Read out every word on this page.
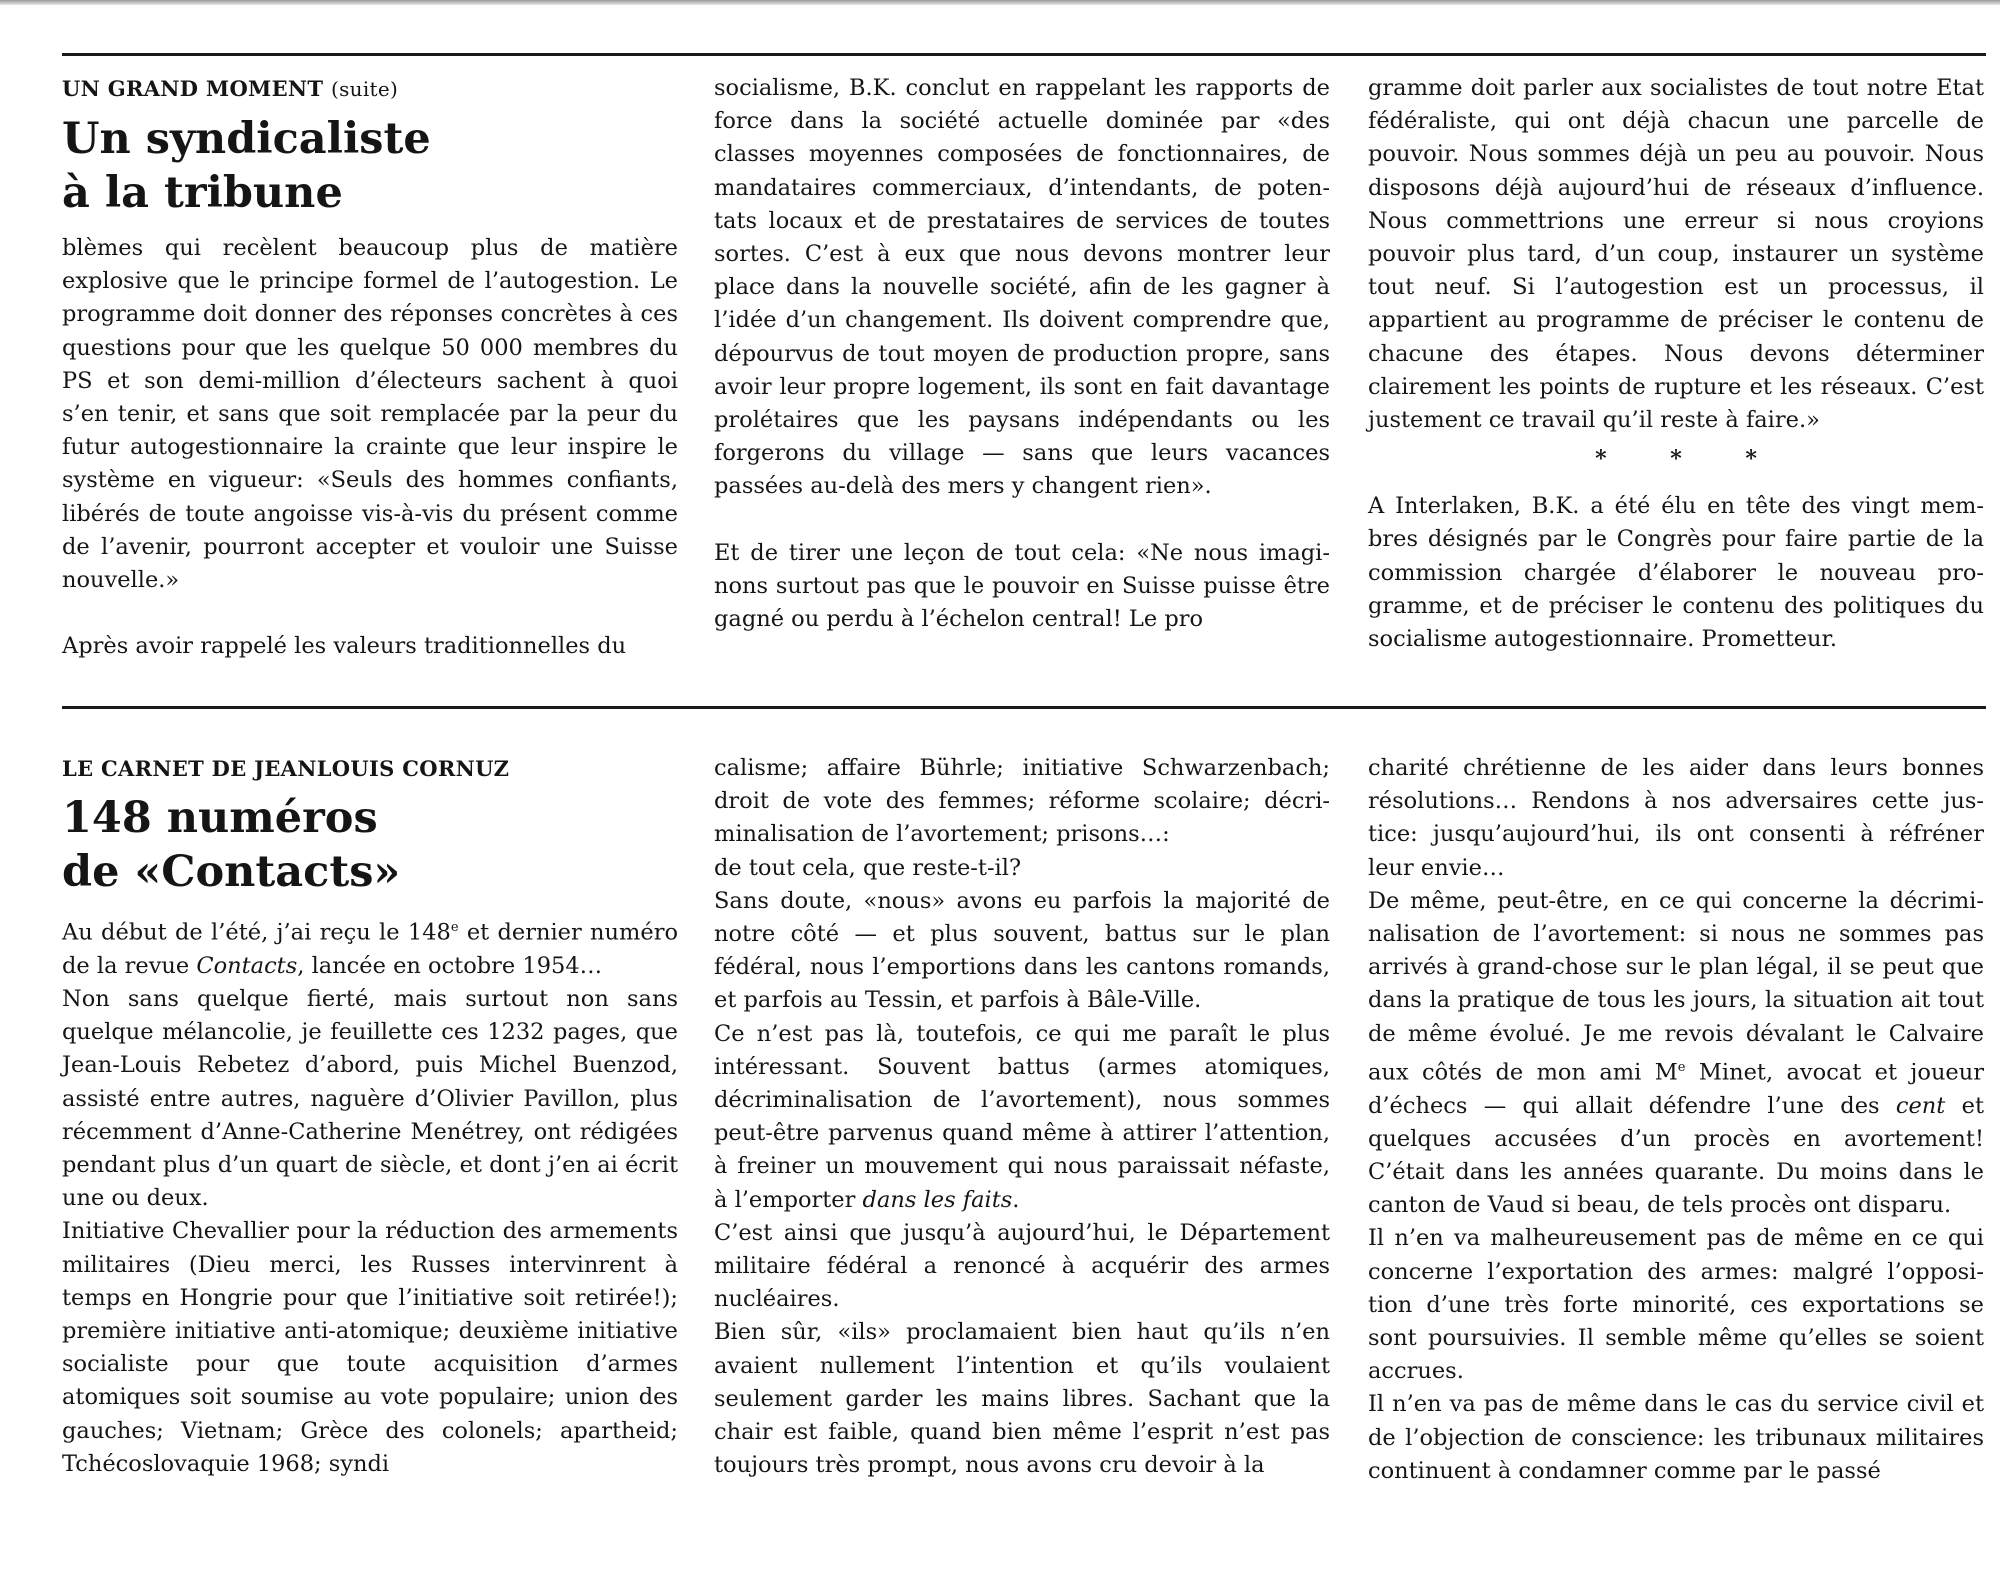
UN GRAND MOMENT (suite)
Un syndicaliste
à la tribune

blèmes qui recèlent beaucoup plus de matière explosive que le principe formel de l’autogestion. Le programme doit donner des réponses concrètes à ces questions pour que les quelque 50 000 membres du PS et son demi-million d’électeurs sachent à quoi s’en tenir, et sans que soit remplacée par la peur du futur autogestionnaire la crainte que leur inspire le système en vigueur: «Seuls des hommes confiants, libérés de toute angoisse vis-à-vis du présent comme de l’avenir, pourront accepter et vouloir une Suisse nouvelle.»

Après avoir rappelé les valeurs traditionnelles du

socialisme, B.K. conclut en rappelant les rapports de force dans la société actuelle dominée par «des classes moyennes composées de fonctionnaires, de mandataires commerciaux, d’intendants, de potentats locaux et de prestataires de services de toutes sortes. C’est à eux que nous devons montrer leur place dans la nouvelle société, afin de les gagner à l’idée d’un changement. Ils doivent comprendre que, dépourvus de tout moyen de production propre, sans avoir leur propre logement, ils sont en fait davantage prolétaires que les paysans indépendants ou les forgerons du village — sans que leurs vacances passées au-delà des mers y changent rien».

Et de tirer une leçon de tout cela: «Ne nous imaginons surtout pas que le pouvoir en Suisse puisse être gagné ou perdu à l’échelon central! Le pro

gramme doit parler aux socialistes de tout notre Etat fédéraliste, qui ont déjà chacun une parcelle de pouvoir. Nous sommes déjà un peu au pouvoir. Nous disposons déjà aujourd’hui de réseaux d’influence. Nous commettrions une erreur si nous croyions pouvoir plus tard, d’un coup, instaurer un système tout neuf. Si l’autogestion est un processus, il appartient au programme de préciser le contenu de chacune des étapes. Nous devons déterminer clairement les points de rupture et les réseaux. C’est justement ce travail qu’il reste à faire.»

* * *

A Interlaken, B.K. a été élu en tête des vingt membres désignés par le Congrès pour faire partie de la commission chargée d’élaborer le nouveau programme, et de préciser le contenu des politiques du socialisme autogestionnaire. Prometteur.

LE CARNET DE JEANLOUIS CORNUZ
148 numéros
de «Contacts»

Au début de l’été, j’ai reçu le 148e et dernier numéro de la revue Contacts, lancée en octobre 1954…

Non sans quelque fierté, mais surtout non sans quelque mélancolie, je feuillette ces 1232 pages, que Jean-Louis Rebetez d’abord, puis Michel Buenzod, assisté entre autres, naguère d’Olivier Pavillon, plus récemment d’Anne-Catherine Menétrey, ont rédigées pendant plus d’un quart de siècle, et dont j’en ai écrit une ou deux.

Initiative Chevallier pour la réduction des armements militaires (Dieu merci, les Russes intervinrent à temps en Hongrie pour que l’initiative soit retirée!); première initiative anti-atomique; deuxième initiative socialiste pour que toute acquisition d’armes atomiques soit soumise au vote populaire; union des gauches; Vietnam; Grèce des colonels; apartheid; Tchécoslovaquie 1968; syndi

calisme; affaire Bührle; initiative Schwarzenbach; droit de vote des femmes; réforme scolaire; décriminalisation de l’avortement; prisons…:

de tout cela, que reste-t-il?

Sans doute, «nous» avons eu parfois la majorité de notre côté — et plus souvent, battus sur le plan fédéral, nous l’emportions dans les cantons romands, et parfois au Tessin, et parfois à Bâle-Ville.

Ce n’est pas là, toutefois, ce qui me paraît le plus intéressant. Souvent battus (armes atomiques, décriminalisation de l’avortement), nous sommes peut-être parvenus quand même à attirer l’attention, à freiner un mouvement qui nous paraissait néfaste, à l’emporter dans les faits.

C’est ainsi que jusqu’à aujourd’hui, le Département militaire fédéral a renoncé à acquérir des armes nucléaires.

Bien sûr, «ils» proclamaient bien haut qu’ils n’en avaient nullement l’intention et qu’ils voulaient seulement garder les mains libres. Sachant que la chair est faible, quand bien même l’esprit n’est pas toujours très prompt, nous avons cru devoir à la

charité chrétienne de les aider dans leurs bonnes résolutions… Rendons à nos adversaires cette justice: jusqu’aujourd’hui, ils ont consenti à réfréner leur envie…

De même, peut-être, en ce qui concerne la décriminalisation de l’avortement: si nous ne sommes pas arrivés à grand-chose sur le plan légal, il se peut que dans la pratique de tous les jours, la situation ait tout de même évolué. Je me revois dévalant le Calvaire aux côtés de mon ami Me Minet, avocat et joueur d’échecs — qui allait défendre l’une des cent et quelques accusées d’un procès en avortement! C’était dans les années quarante. Du moins dans le canton de Vaud si beau, de tels procès ont disparu.

Il n’en va malheureusement pas de même en ce qui concerne l’exportation des armes: malgré l’opposition d’une très forte minorité, ces exportations se sont poursuivies. Il semble même qu’elles se soient accrues.

Il n’en va pas de même dans le cas du service civil et de l’objection de conscience: les tribunaux militaires continuent à condamner comme par le passé
